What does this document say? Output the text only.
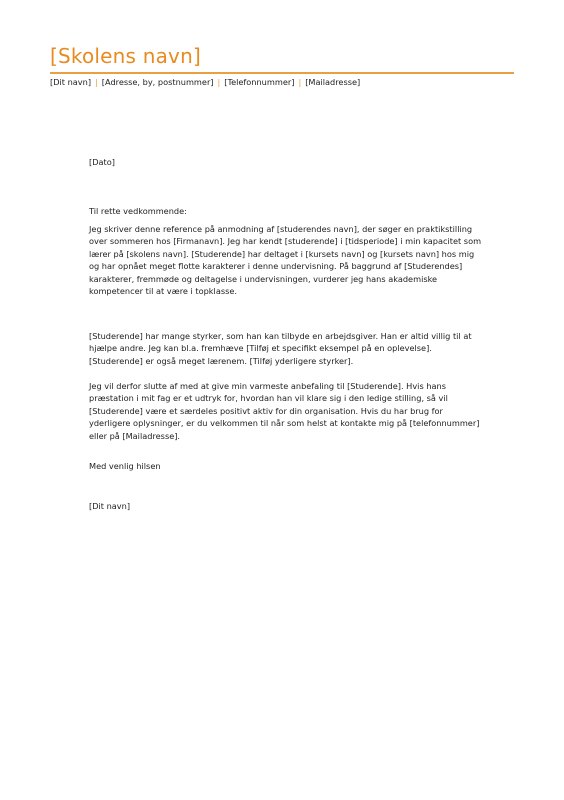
[Skolens navn]
[Dit navn] | [Adresse, by, postnummer] | [Telefonnummer] | [Mailadresse]

[Dato]

Til rette vedkommende:

Jeg skriver denne reference på anmodning af [studerendes navn], der søger en praktikstilling over sommeren hos [Firmanavn]. Jeg har kendt [studerende] i [tidsperiode] i min kapacitet som lærer på [skolens navn]. [Studerende] har deltaget i [kursets navn] og [kursets navn] hos mig og har opnået meget flotte karakterer i denne undervisning. På baggrund af [Studerendes] karakterer, fremmøde og deltagelse i undervisningen, vurderer jeg hans akademiske kompetencer til at være i topklasse.

[Studerende] har mange styrker, som han kan tilbyde en arbejdsgiver. Han er altid villig til at hjælpe andre. Jeg kan bl.a. fremhæve [Tilføj et specifikt eksempel på en oplevelse]. [Studerende] er også meget lærenem. [Tilføj yderligere styrker].

Jeg vil derfor slutte af med at give min varmeste anbefaling til [Studerende]. Hvis hans præstation i mit fag er et udtryk for, hvordan han vil klare sig i den ledige stilling, så vil [Studerende] være et særdeles positivt aktiv for din organisation. Hvis du har brug for yderligere oplysninger, er du velkommen til når som helst at kontakte mig på [telefonnummer] eller på [Mailadresse].

Med venlig hilsen

[Dit navn]
